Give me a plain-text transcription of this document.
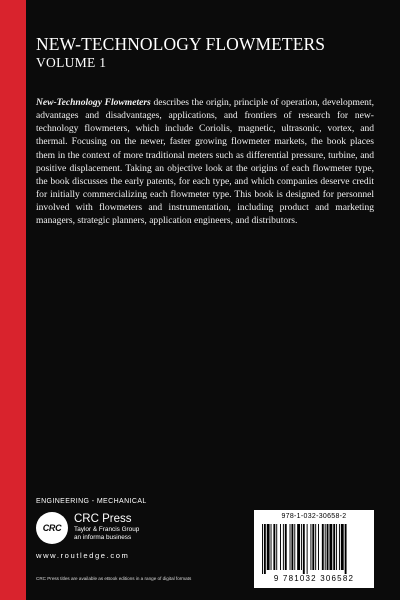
NEW-TECHNOLOGY FLOWMETERS
VOLUME 1

New-Technology Flowmeters describes the origin, principle of operation, development, advantages and disadvantages, applications, and frontiers of research for new-technology flowmeters, which include Coriolis, magnetic, ultrasonic, vortex, and thermal. Focusing on the newer, faster growing flowmeter markets, the book places them in the context of more traditional meters such as differential pressure, turbine, and positive displacement. Taking an objective look at the origins of each flowmeter type, the book discusses the early patents, for each type, and which companies deserve credit for initially commercializing each flowmeter type. This book is designed for personnel involved with flowmeters and instrumentation, including product and marketing managers, strategic planners, application engineers, and distributors.

ENGINEERING - MECHANICAL
CRC
CRC Press
Taylor & Francis Group
an informa business
www.routledge.com
CRC Press titles are available as eBook editions in a range of digital formats
978-1-032-30658-2
9 781032 306582
